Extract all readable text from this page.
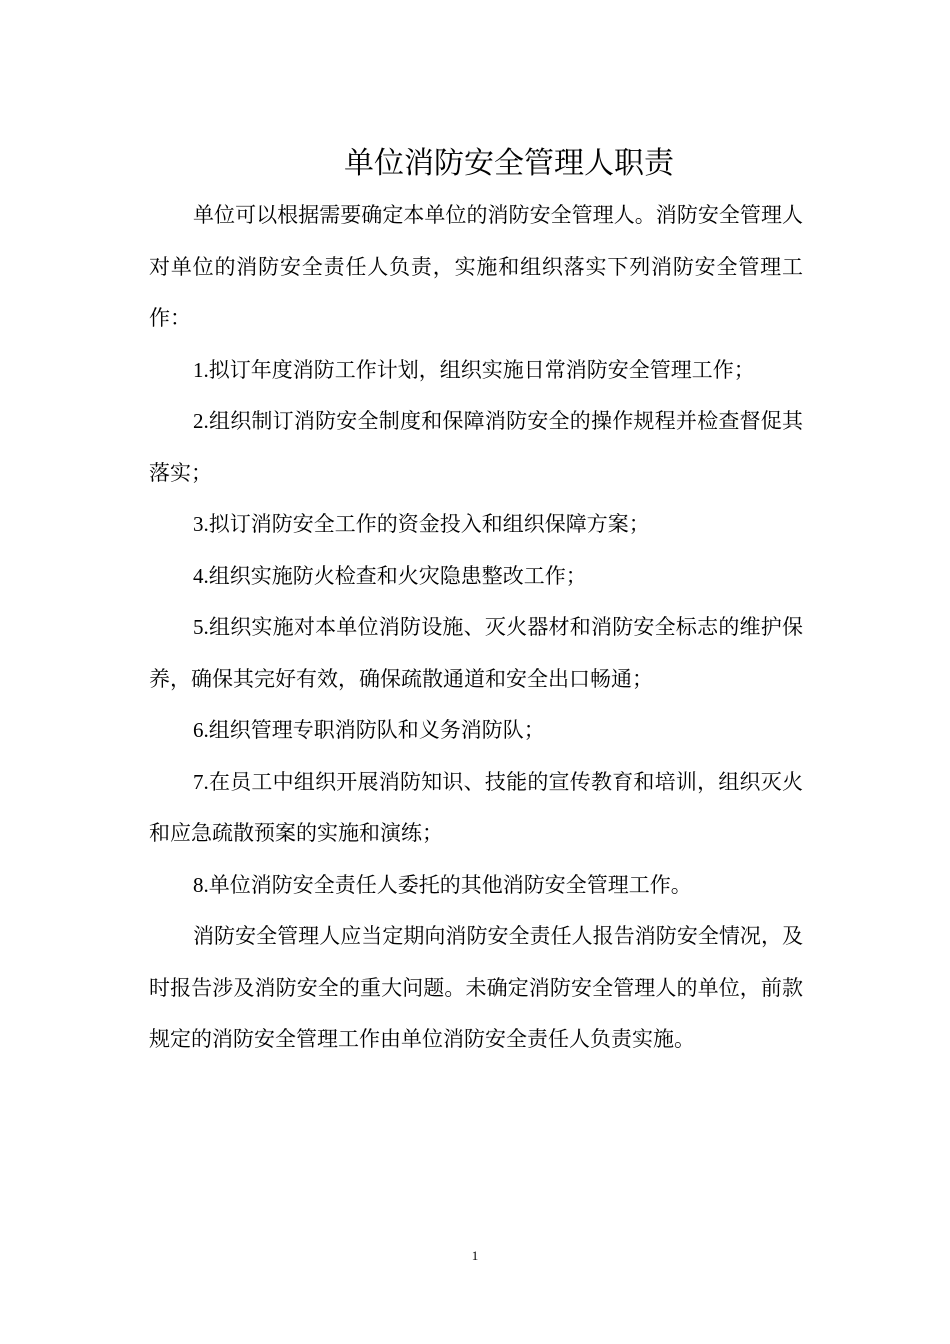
单位消防安全管理人职责

单位可以根据需要确定本单位的消防安全管理人。消防安全管理人对单位的消防安全责任人负责，实施和组织落实下列消防安全管理工作：

1.拟订年度消防工作计划，组织实施日常消防安全管理工作；

2.组织制订消防安全制度和保障消防安全的操作规程并检查督促其落实；

3.拟订消防安全工作的资金投入和组织保障方案；

4.组织实施防火检查和火灾隐患整改工作；

5.组织实施对本单位消防设施、灭火器材和消防安全标志的维护保养，确保其完好有效，确保疏散通道和安全出口畅通；

6.组织管理专职消防队和义务消防队；

7.在员工中组织开展消防知识、技能的宣传教育和培训，组织灭火和应急疏散预案的实施和演练；

8.单位消防安全责任人委托的其他消防安全管理工作。

消防安全管理人应当定期向消防安全责任人报告消防安全情况，及时报告涉及消防安全的重大问题。未确定消防安全管理人的单位，前款规定的消防安全管理工作由单位消防安全责任人负责实施。

1
